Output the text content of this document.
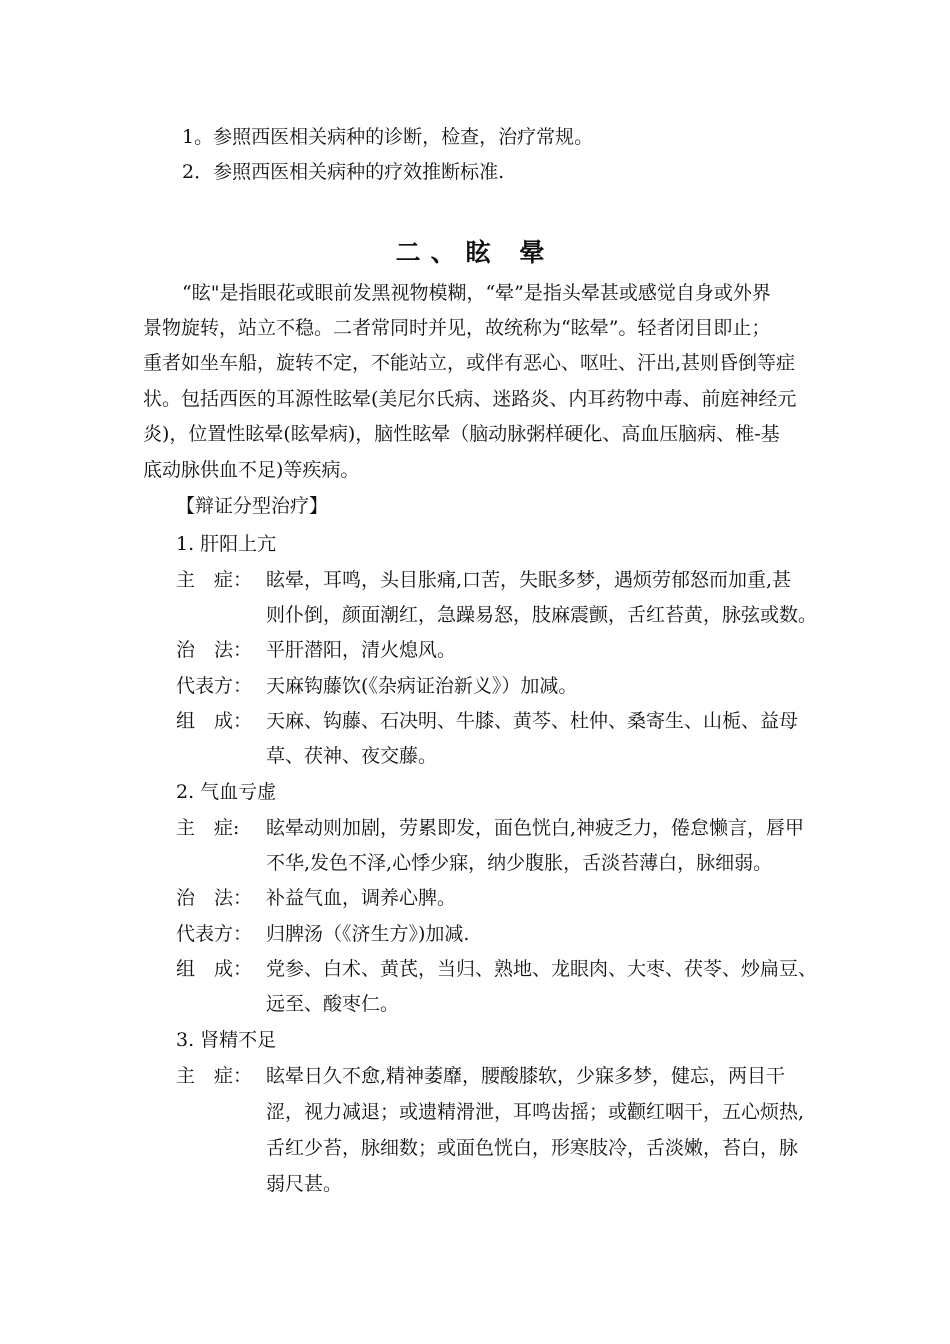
1。参照西医相关病种的诊断，检查，治疗常规。
2．参照西医相关病种的疗效推断标准.
二、眩 晕
“眩"是指眼花或眼前发黑视物模糊，“晕”是指头晕甚或感觉自身或外界
景物旋转，站立不稳。二者常同时并见，故统称为“眩晕”。轻者闭目即止；
重者如坐车船，旋转不定，不能站立，或伴有恶心、呕吐、汗出,甚则昏倒等症
状。包括西医的耳源性眩晕(美尼尔氏病、迷路炎、内耳药物中毒、前庭神经元
炎)，位置性眩晕(眩晕病)，脑性眩晕（脑动脉粥样硬化、高血压脑病、椎-基
底动脉供血不足)等疾病。
【辩证分型治疗】
1. 肝阳上亢
主　症： 眩晕，耳鸣，头目胀痛,口苦，失眠多梦，遇烦劳郁怒而加重,甚
则仆倒，颜面潮红，急躁易怒，肢麻震颤，舌红苔黄，脉弦或数。
治　法： 平肝潜阳，清火熄风。
代表方： 天麻钩藤饮(《杂病证治新义》）加减。
组　成： 天麻、钩藤、石决明、牛膝、黄芩、杜仲、桑寄生、山栀、益母
草、茯神、夜交藤。
2. 气血亏虚
主　症: 眩晕动则加剧，劳累即发，面色恍白,神疲乏力，倦怠懒言，唇甲
不华,发色不泽,心悸少寐，纳少腹胀，舌淡苔薄白，脉细弱。
治　法： 补益气血，调养心脾。
代表方： 归脾汤（《济生方》)加减.
组　成： 党参、白术、黄芪，当归、熟地、龙眼肉、大枣、茯苓、炒扁豆、
远至、酸枣仁。
3. 肾精不足
主　症： 眩晕日久不愈,精神萎靡，腰酸膝软，少寐多梦，健忘，两目干
涩，视力减退；或遗精滑泄，耳鸣齿摇；或颧红咽干，五心烦热,
舌红少苔，脉细数；或面色恍白，形寒肢冷，舌淡嫩，苔白，脉
弱尺甚。
